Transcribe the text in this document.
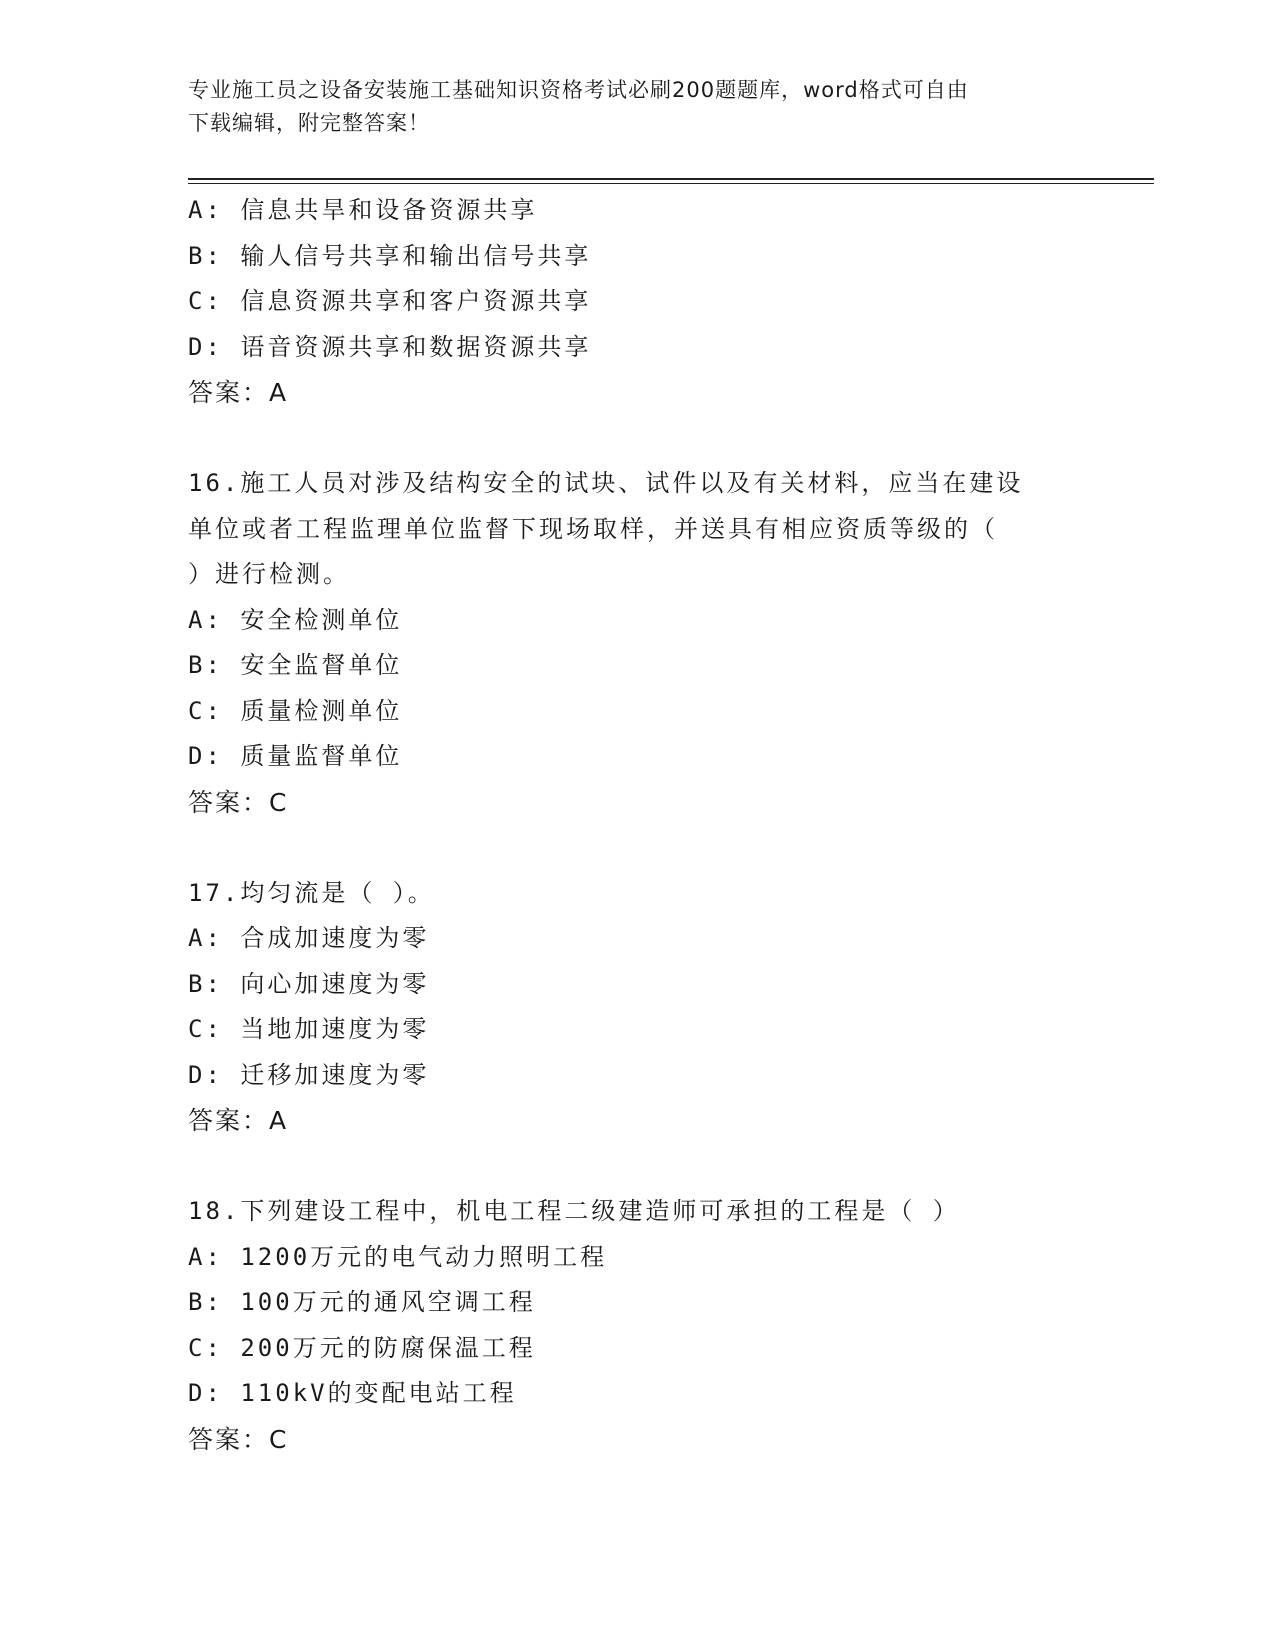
专业施工员之设备安装施工基础知识资格考试必刷200题题库，word格式可自由
下载编辑，附完整答案！
A: 信息共旱和设备资源共享
B: 输人信号共享和输出信号共享
C: 信息资源共享和客户资源共享
D: 语音资源共享和数据资源共享
答案：A
16.施工人员对涉及结构安全的试块、试件以及有关材料，应当在建设
单位或者工程监理单位监督下现场取样，并送具有相应资质等级的（
）进行检测。
A: 安全检测单位
B: 安全监督单位
C: 质量检测单位
D: 质量监督单位
答案：C
17.均匀流是（ ）。
A: 合成加速度为零
B: 向心加速度为零
C: 当地加速度为零
D: 迁移加速度为零
答案：A
18.下列建设工程中，机电工程二级建造师可承担的工程是（ ）
A: 1200万元的电气动力照明工程
B: 100万元的通风空调工程
C: 200万元的防腐保温工程
D: 110kV的变配电站工程
答案：C
